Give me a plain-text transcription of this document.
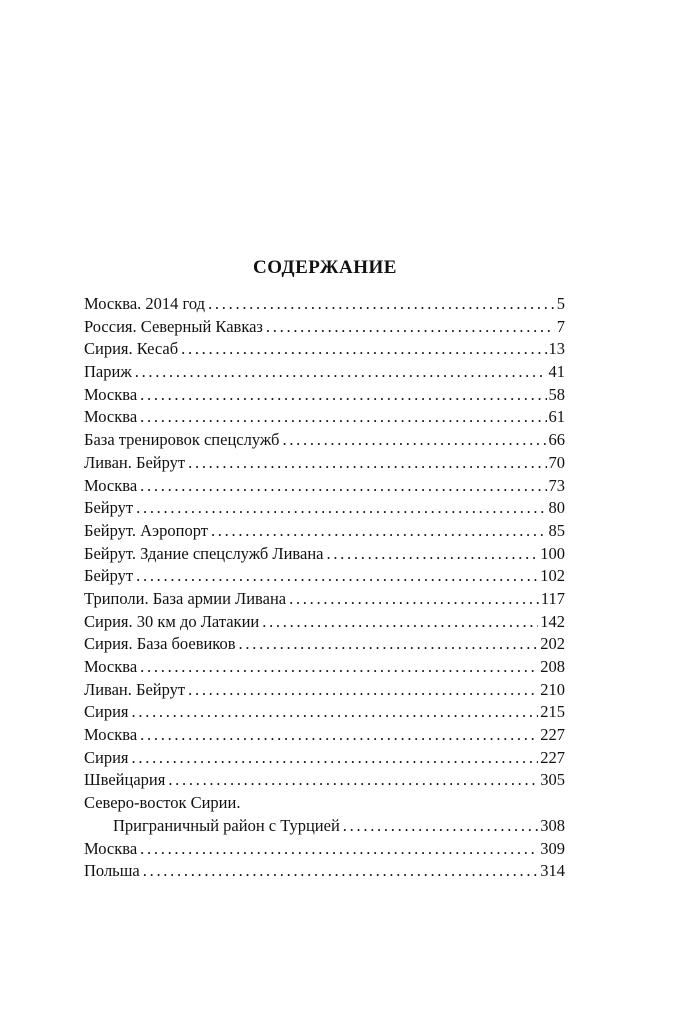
СОДЕРЖАНИЕ
Москва. 2014 год . . .	5
Россия. Северный Кавказ . . .	7
Сирия. Кесаб . . .	13
Париж . . .	41
Москва . . .	58
Москва . . .	61
База тренировок спецслужб . . .	66
Ливан. Бейрут . . .	70
Москва . . .	73
Бейрут . . .	80
Бейрут. Аэропорт . . .	85
Бейрут. Здание спецслужб Ливана . . .	100
Бейрут . . .	102
Триполи. База армии Ливана . . .	117
Сирия. 30 км до Латакии . . .	142
Сирия. База боевиков . . .	202
Москва . . .	208
Ливан. Бейрут . . .	210
Сирия . . .	215
Москва . . .	227
Сирия . . .	227
Швейцария . . .	305
Северо-восток Сирии.
Приграничный район с Турцией . . .	308
Москва . . .	309
Польша . . .	314
